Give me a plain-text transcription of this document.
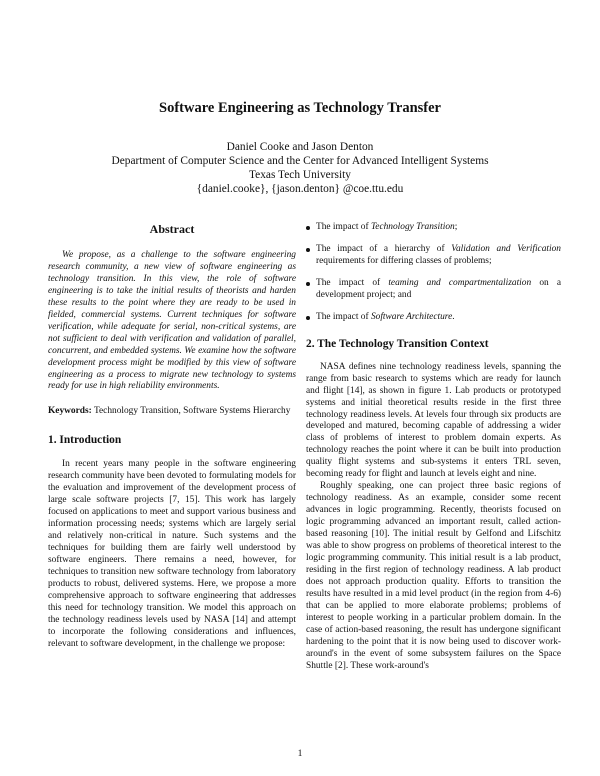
Software Engineering as Technology Transfer
Daniel Cooke and Jason Denton
Department of Computer Science and the Center for Advanced Intelligent Systems
Texas Tech University
{daniel.cooke}, {jason.denton} @coe.ttu.edu
Abstract

We propose, as a challenge to the software engineering research community, a new view of software engineering as technology transition. In this view, the role of software engineering is to take the initial results of theorists and harden these results to the point where they are ready to be used in fielded, commercial systems. Current techniques for software verification, while adequate for serial, non-critical systems, are not sufficient to deal with verification and validation of parallel, concurrent, and embedded systems. We examine how the software development process might be modified by this view of software engineering as a process to migrate new technology to systems ready for use in high reliability environments.

Keywords: Technology Transition, Software Systems Hierarchy

1. Introduction

In recent years many people in the software engineering research community have been devoted to formulating models for the evaluation and improvement of the development process of large scale software projects [7, 15]. This work has largely focused on applications to meet and support various business and information processing needs; systems which are largely serial and relatively non-critical in nature. Such systems and the techniques for building them are fairly well understood by software engineers. There remains a need, however, for techniques to transition new software technology from laboratory products to robust, delivered systems. Here, we propose a more comprehensive approach to software engineering that addresses this need for technology transition. We model this approach on the technology readiness levels used by NASA [14] and attempt to incorporate the following considerations and influences, relevant to software development, in the challenge we propose:

The impact of Technology Transition;
The impact of a hierarchy of Validation and Verification requirements for differing classes of problems;
The impact of teaming and compartmentalization on a development project; and
The impact of Software Architecture.
2. The Technology Transition Context

NASA defines nine technology readiness levels, spanning the range from basic research to systems which are ready for launch and flight [14], as shown in figure 1. Lab products or prototyped systems and initial theoretical results reside in the first three technology readiness levels. At levels four through six products are developed and matured, becoming capable of addressing a wider class of problems of interest to problem domain experts. As technology reaches the point where it can be built into production quality flight systems and sub-systems it enters TRL seven, becoming ready for flight and launch at levels eight and nine.

Roughly speaking, one can project three basic regions of technology readiness. As an example, consider some recent advances in logic programming. Recently, theorists focused on logic programming advanced an important result, called action-based reasoning [10]. The initial result by Gelfond and Lifschitz was able to show progress on problems of theoretical interest to the logic programming community. This initial result is a lab product, residing in the first region of technology readiness. A lab product does not approach production quality. Efforts to transition the results have resulted in a mid level product (in the region from 4-6) that can be applied to more elaborate problems; problems of interest to people working in a particular problem domain. In the case of action-based reasoning, the result has undergone significant hardening to the point that it is now being used to discover work-around's in the event of some subsystem failures on the Space Shuttle [2]. These work-around's

1
